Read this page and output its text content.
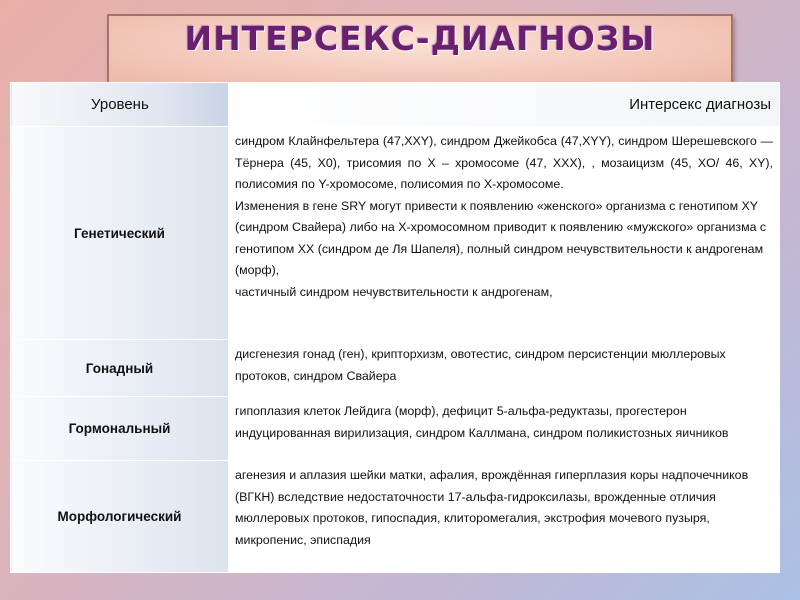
ИНТЕРСЕКС-ДИАГНОЗЫ
Уровень	Интерсекс диагнозы
Генетический	синдром Клайнфельтера (47,XXY), синдром Джейкобса (47,XYY), синдром Шерешевского — Тёрнера (45, X0), трисомия по X – хромосоме (47, XXX), , мозаицизм (45, XO/ 46, XY), полисомия по Y-хромосоме, полисомия по X-хромосоме.

Изменения в гене SRY могут привести к появлению «женского» организма с генотипом XY (синдром Свайера) либо на X-хромосомном приводит к появлению «мужского» организма с генотипом XX (синдром де Ля Шапеля), полный синдром нечувствительности к андрогенам (морф),

частичный синдром нечувствительности к андрогенам,

Гонадный	дисгенезия гонад (ген), крипторхизм, овотестис, синдром персистенции мюллеровых протоков, синдром Свайера

Гормональный	гипоплазия клеток Лейдига (морф), дефицит 5-альфа-редуктазы, прогестерон индуцированная вирилизация, синдром Каллмана, синдром поликистозных яичников

Морфологический	агенезия и аплазия шейки матки, афалия, врождённая гиперплазия коры надпочечников (ВГКН) вследствие недостаточности 17-альфа-гидроксилазы, врожденные отличия мюллеровых протоков, гипоспадия, клиторомегалия, экстрофия мочевого пузыря, микропенис, эписпадия
